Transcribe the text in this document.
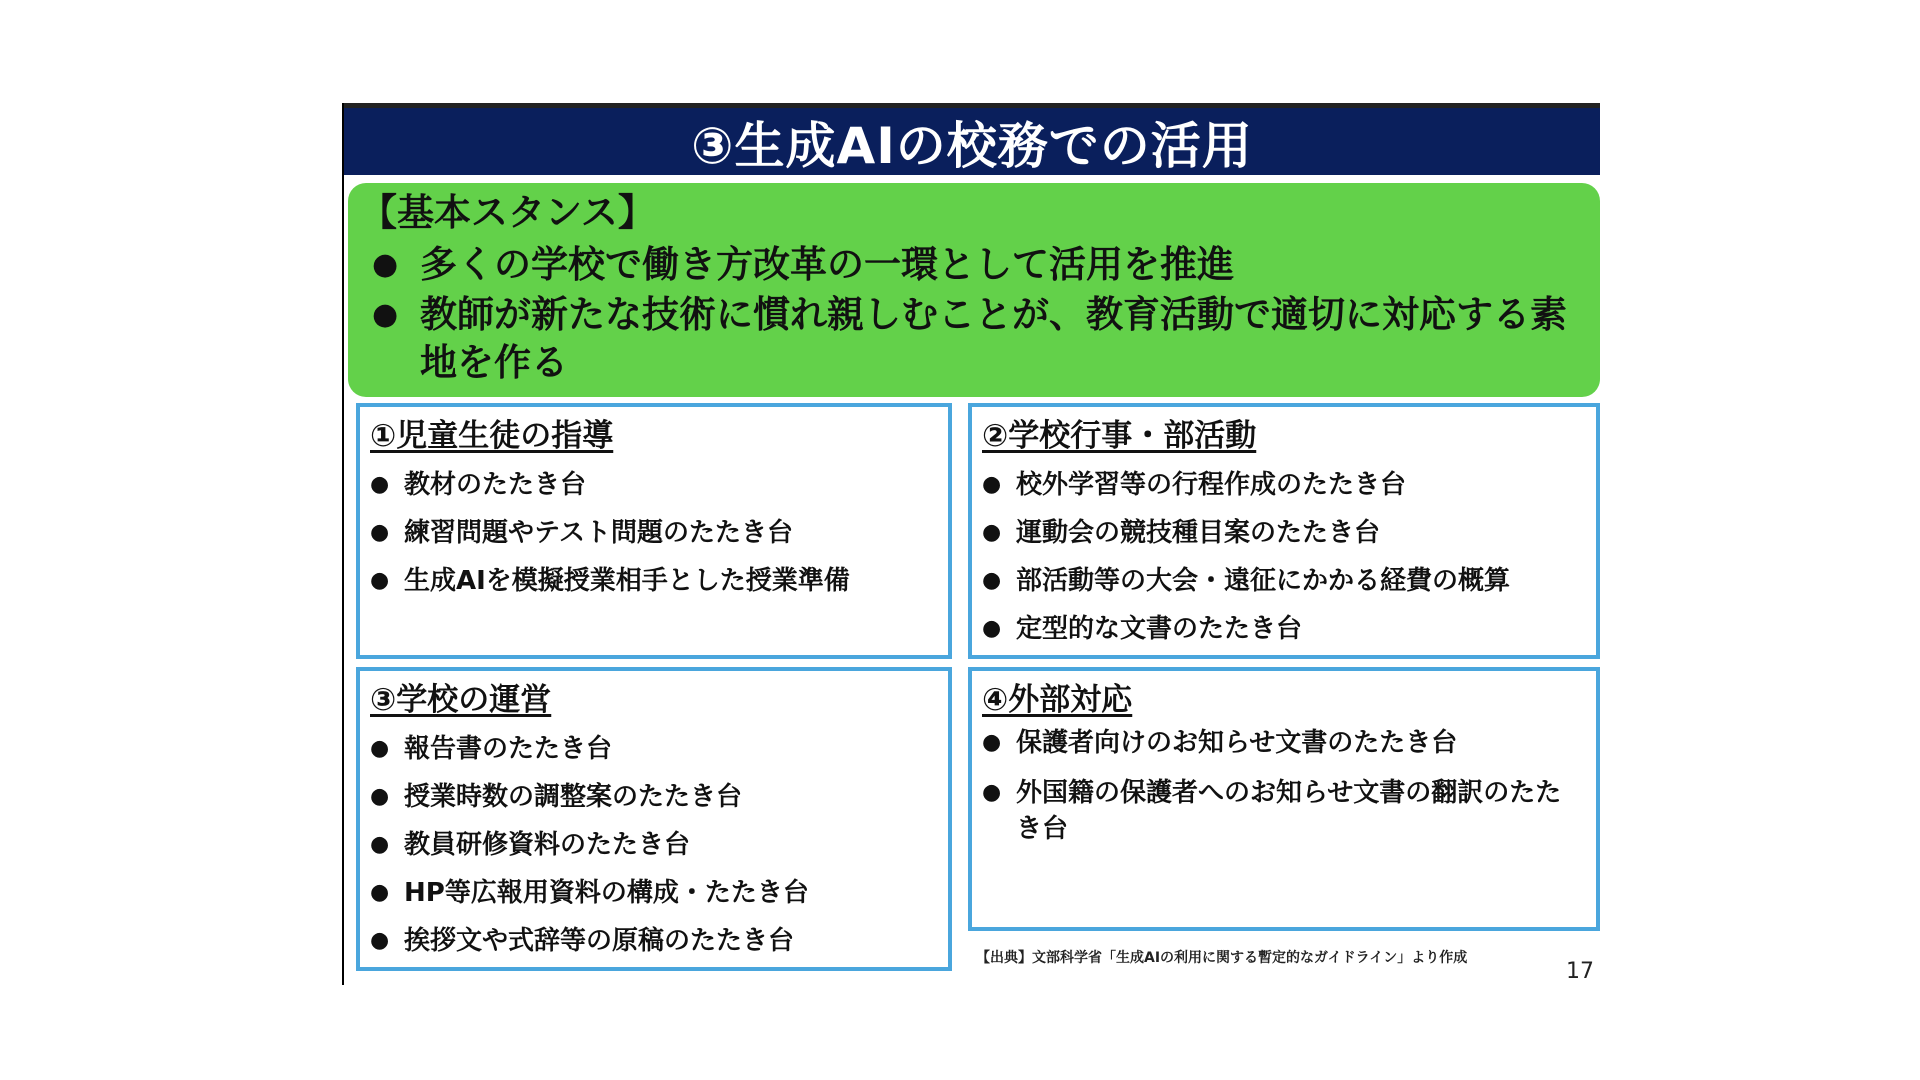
③生成AIの校務での活用
【基本スタンス】
● 多くの学校で働き方改革の一環として活用を推進
● 教師が新たな技術に慣れ親しむことが、教育活動で適切に対応する素地を作る
①児童生徒の指導
● 教材のたたき台
● 練習問題やテスト問題のたたき台
● 生成AIを模擬授業相手とした授業準備
②学校行事・部活動
● 校外学習等の行程作成のたたき台
● 運動会の競技種目案のたたき台
● 部活動等の大会・遠征にかかる経費の概算
● 定型的な文書のたたき台
③学校の運営
● 報告書のたたき台
● 授業時数の調整案のたたき台
● 教員研修資料のたたき台
● HP等広報用資料の構成・たたき台
● 挨拶文や式辞等の原稿のたたき台
④外部対応
● 保護者向けのお知らせ文書のたたき台
● 外国籍の保護者へのお知らせ文書の翻訳のたたき台
【出典】文部科学省「生成AIの利用に関する暫定的なガイドライン」より作成
17
